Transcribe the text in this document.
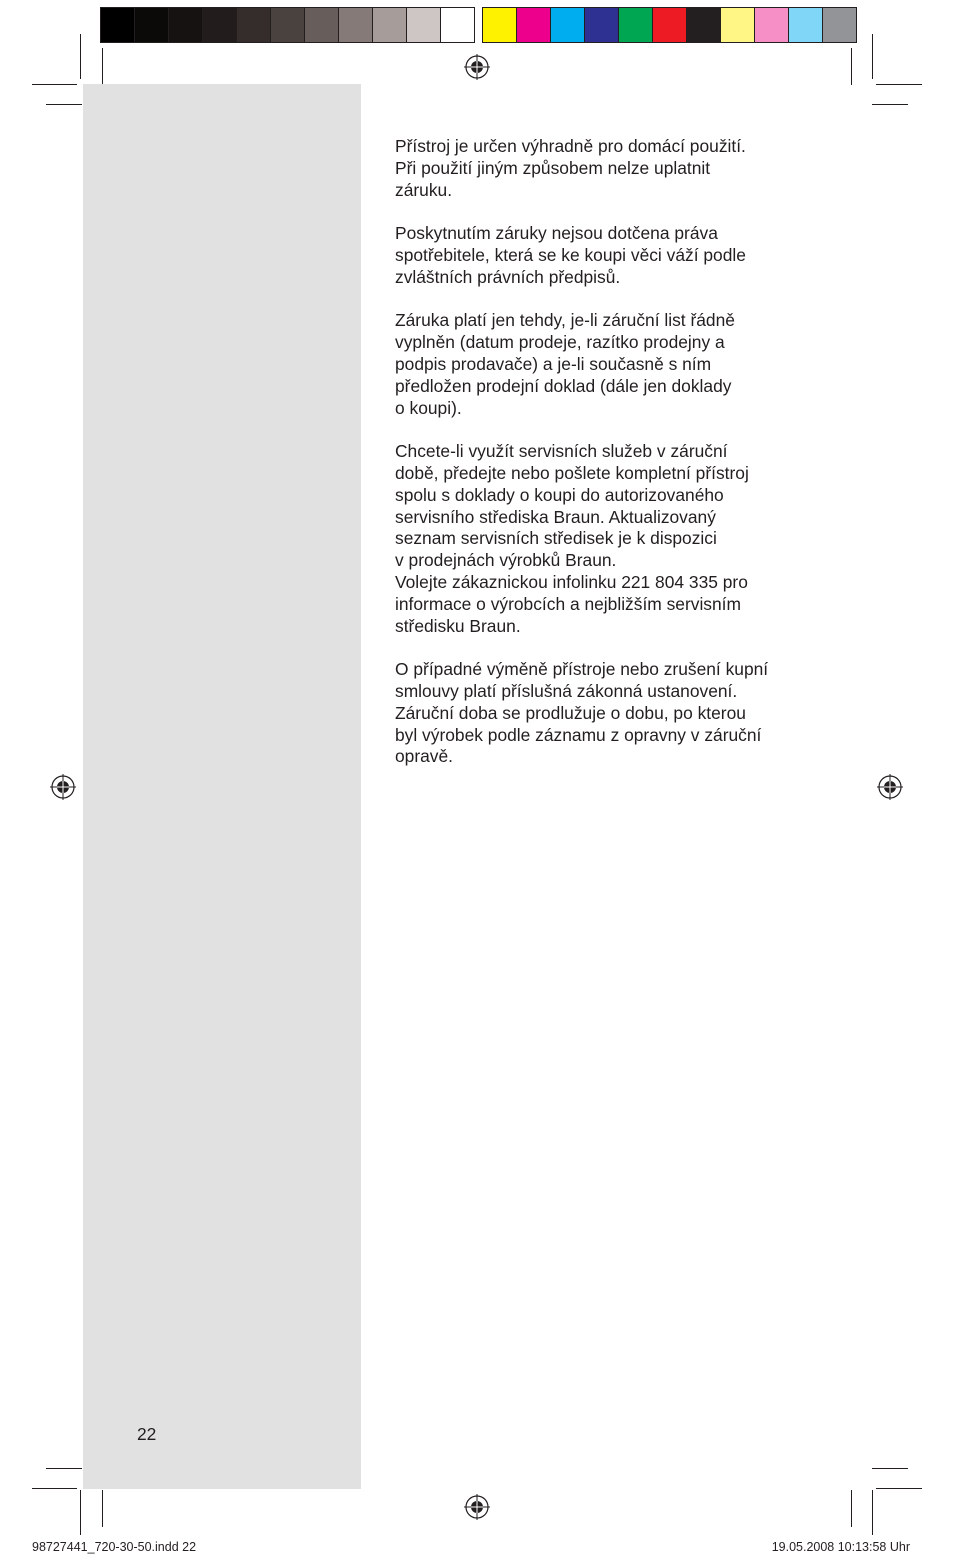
Přístroj je určen výhradně pro domácí použití.
Při použití jiným způsobem nelze uplatnit
záruku.

Poskytnutím záruky nejsou dotčena práva
spotřebitele, která se ke koupi věci váží podle
zvláštních právních předpisů.

Záruka platí jen tehdy, je-li záruční list řádně
vyplněn (datum prodeje, razítko prodejny a
podpis prodavače) a je-li současně s ním
předložen prodejní doklad (dále jen doklady
o koupi).

Chcete-li využít servisních služeb v záruční
době, předejte nebo pošlete kompletní přístroj
spolu s doklady o koupi do autorizovaného
servisního střediska Braun. Aktualizovaný
seznam servisních středisek je k dispozici
v prodejnách výrobků Braun.
Volejte zákaznickou infolinku 221 804 335 pro
informace o výrobcích a nejbližším servisním
středisku Braun.

O případné výměně přístroje nebo zrušení kupní
smlouvy platí příslušná zákonná ustanovení.
Záruční doba se prodlužuje o dobu, po kterou
byl výrobek podle záznamu z opravny v záruční
opravě.

22
98727441_720-30-50.indd 22	19.05.2008 10:13:58 Uhr
